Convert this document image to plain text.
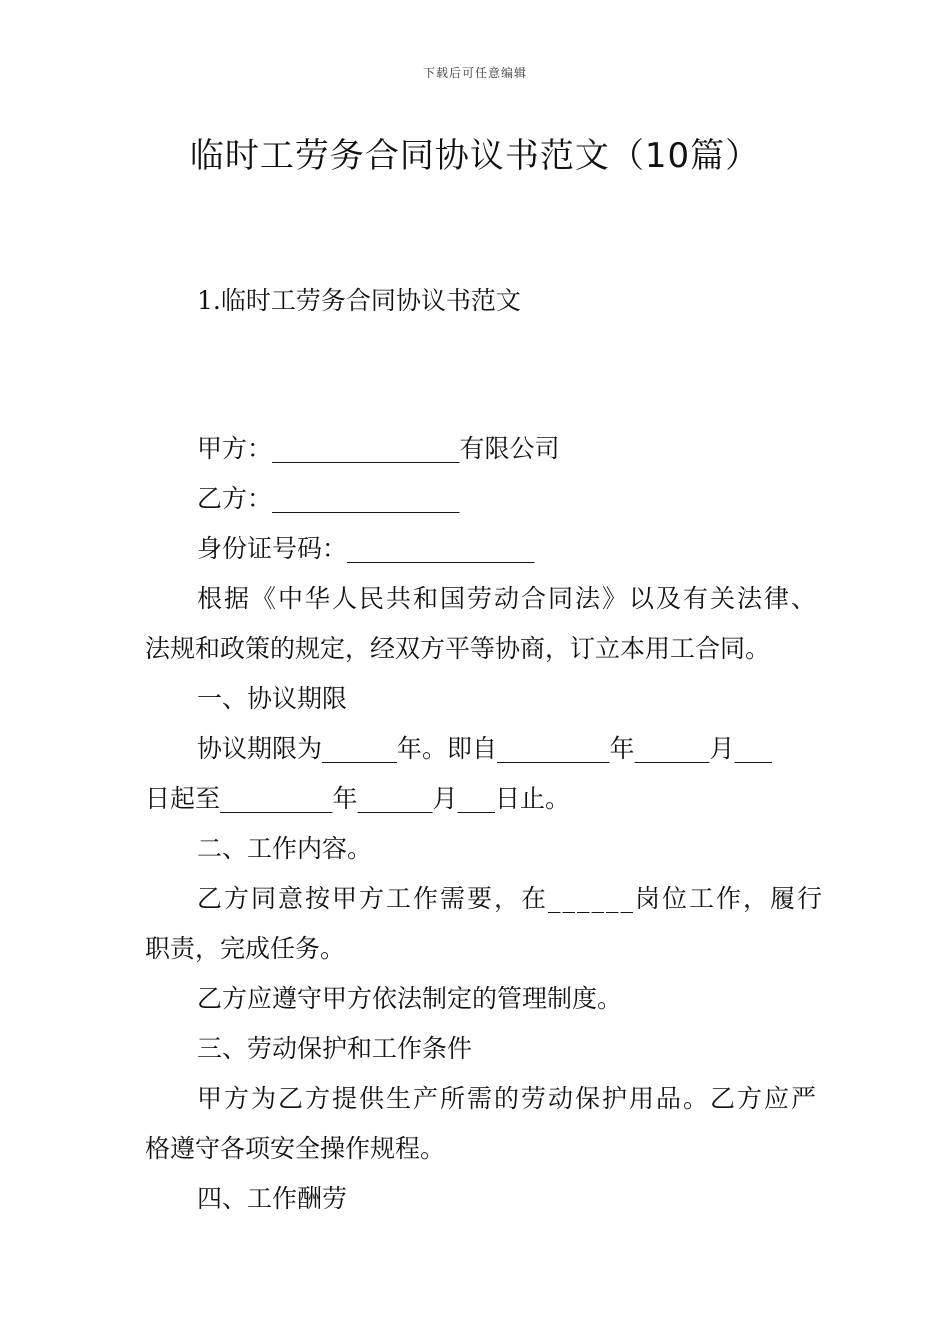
下载后可任意编辑
临时工劳务合同协议书范文（10篇）
1.临时工劳务合同协议书范文
甲方：_______________有限公司
乙方：_______________
身份证号码：_______________
根据《中华人民共和国劳动合同法》以及有关法律、
法规和政策的规定，经双方平等协商，订立本用工合同。
一、协议期限
协议期限为______年。即自_________年______月___
日起至_________年______月___日止。
二、工作内容。
乙方同意按甲方工作需要，在______岗位工作，履行
职责，完成任务。
乙方应遵守甲方依法制定的管理制度。
三、劳动保护和工作条件
甲方为乙方提供生产所需的劳动保护用品。乙方应严
格遵守各项安全操作规程。
四、工作酬劳
